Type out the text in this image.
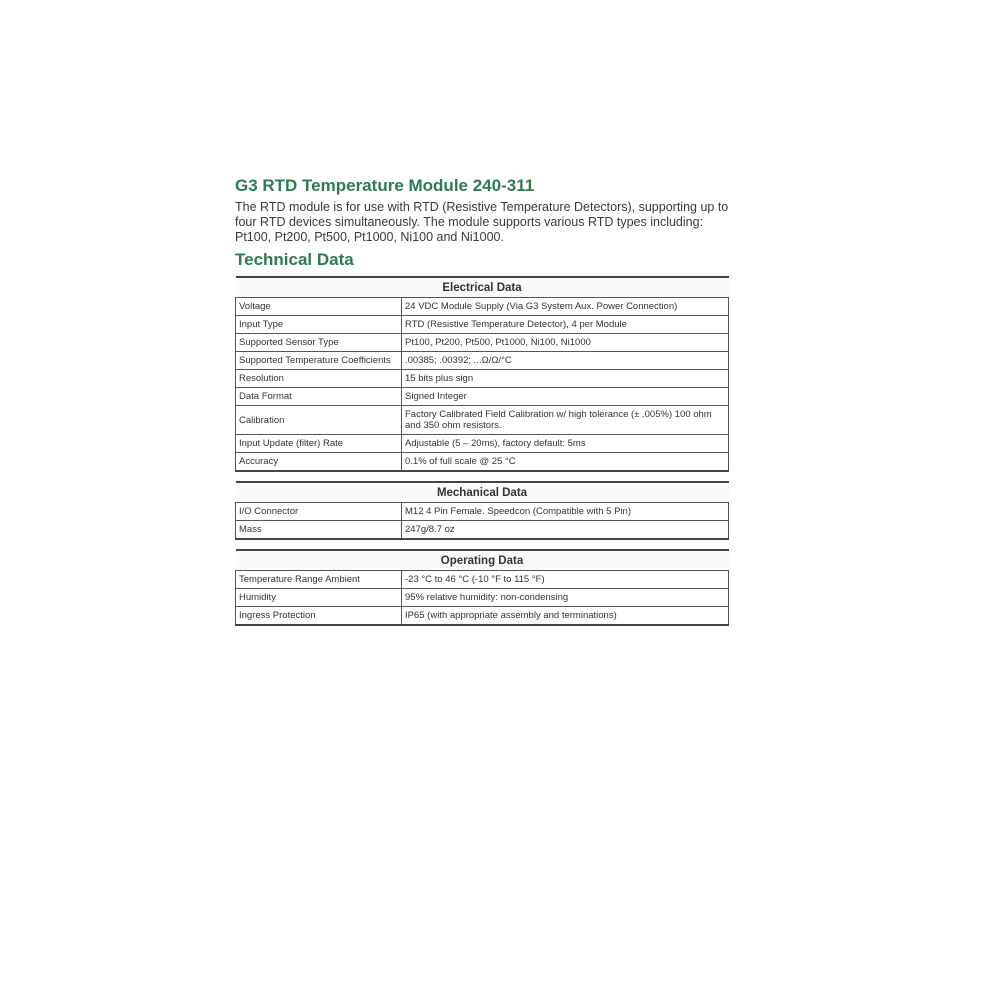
G3 RTD Temperature Module 240-311

The RTD module is for use with RTD (Resistive Temperature Detectors), supporting up to four RTD devices simultaneously. The module supports various RTD types including: Pt100, Pt200, Pt500, Pt1000, Ni100 and Ni1000.

Technical Data
Electrical Data	
Voltage	24 VDC Module Supply (Via G3 System Aux. Power Connection)
Input Type	RTD (Resistive Temperature Detector), 4 per Module
Supported Sensor Type	Pt100, Pt200, Pt500, Pt1000, Ni100, Ni1000
Supported Temperature Coefficients	.00385; .00392; ...Ω/Ω/°C
Resolution	15 bits plus sign
Data Format	Signed Integer
Calibration	Factory Calibrated Field Calibration w/ high tolerance (± .005%) 100 ohm and 350 ohm resistors.
Input Update (filter) Rate	Adjustable (5 – 20ms), factory default: 5ms
Accuracy	0.1% of full scale @ 25 °C
Mechanical Data	
I/O Connector	M12 4 Pin Female. Speedcon (Compatible with 5 Pin)
Mass	247g/8.7 oz
Operating Data	
Temperature Range Ambient	-23 °C to 46 °C (-10 °F to 115 °F)
Humidity	95% relative humidity: non-condensing
Ingress Protection	IP65 (with appropriate assembly and terminations)
